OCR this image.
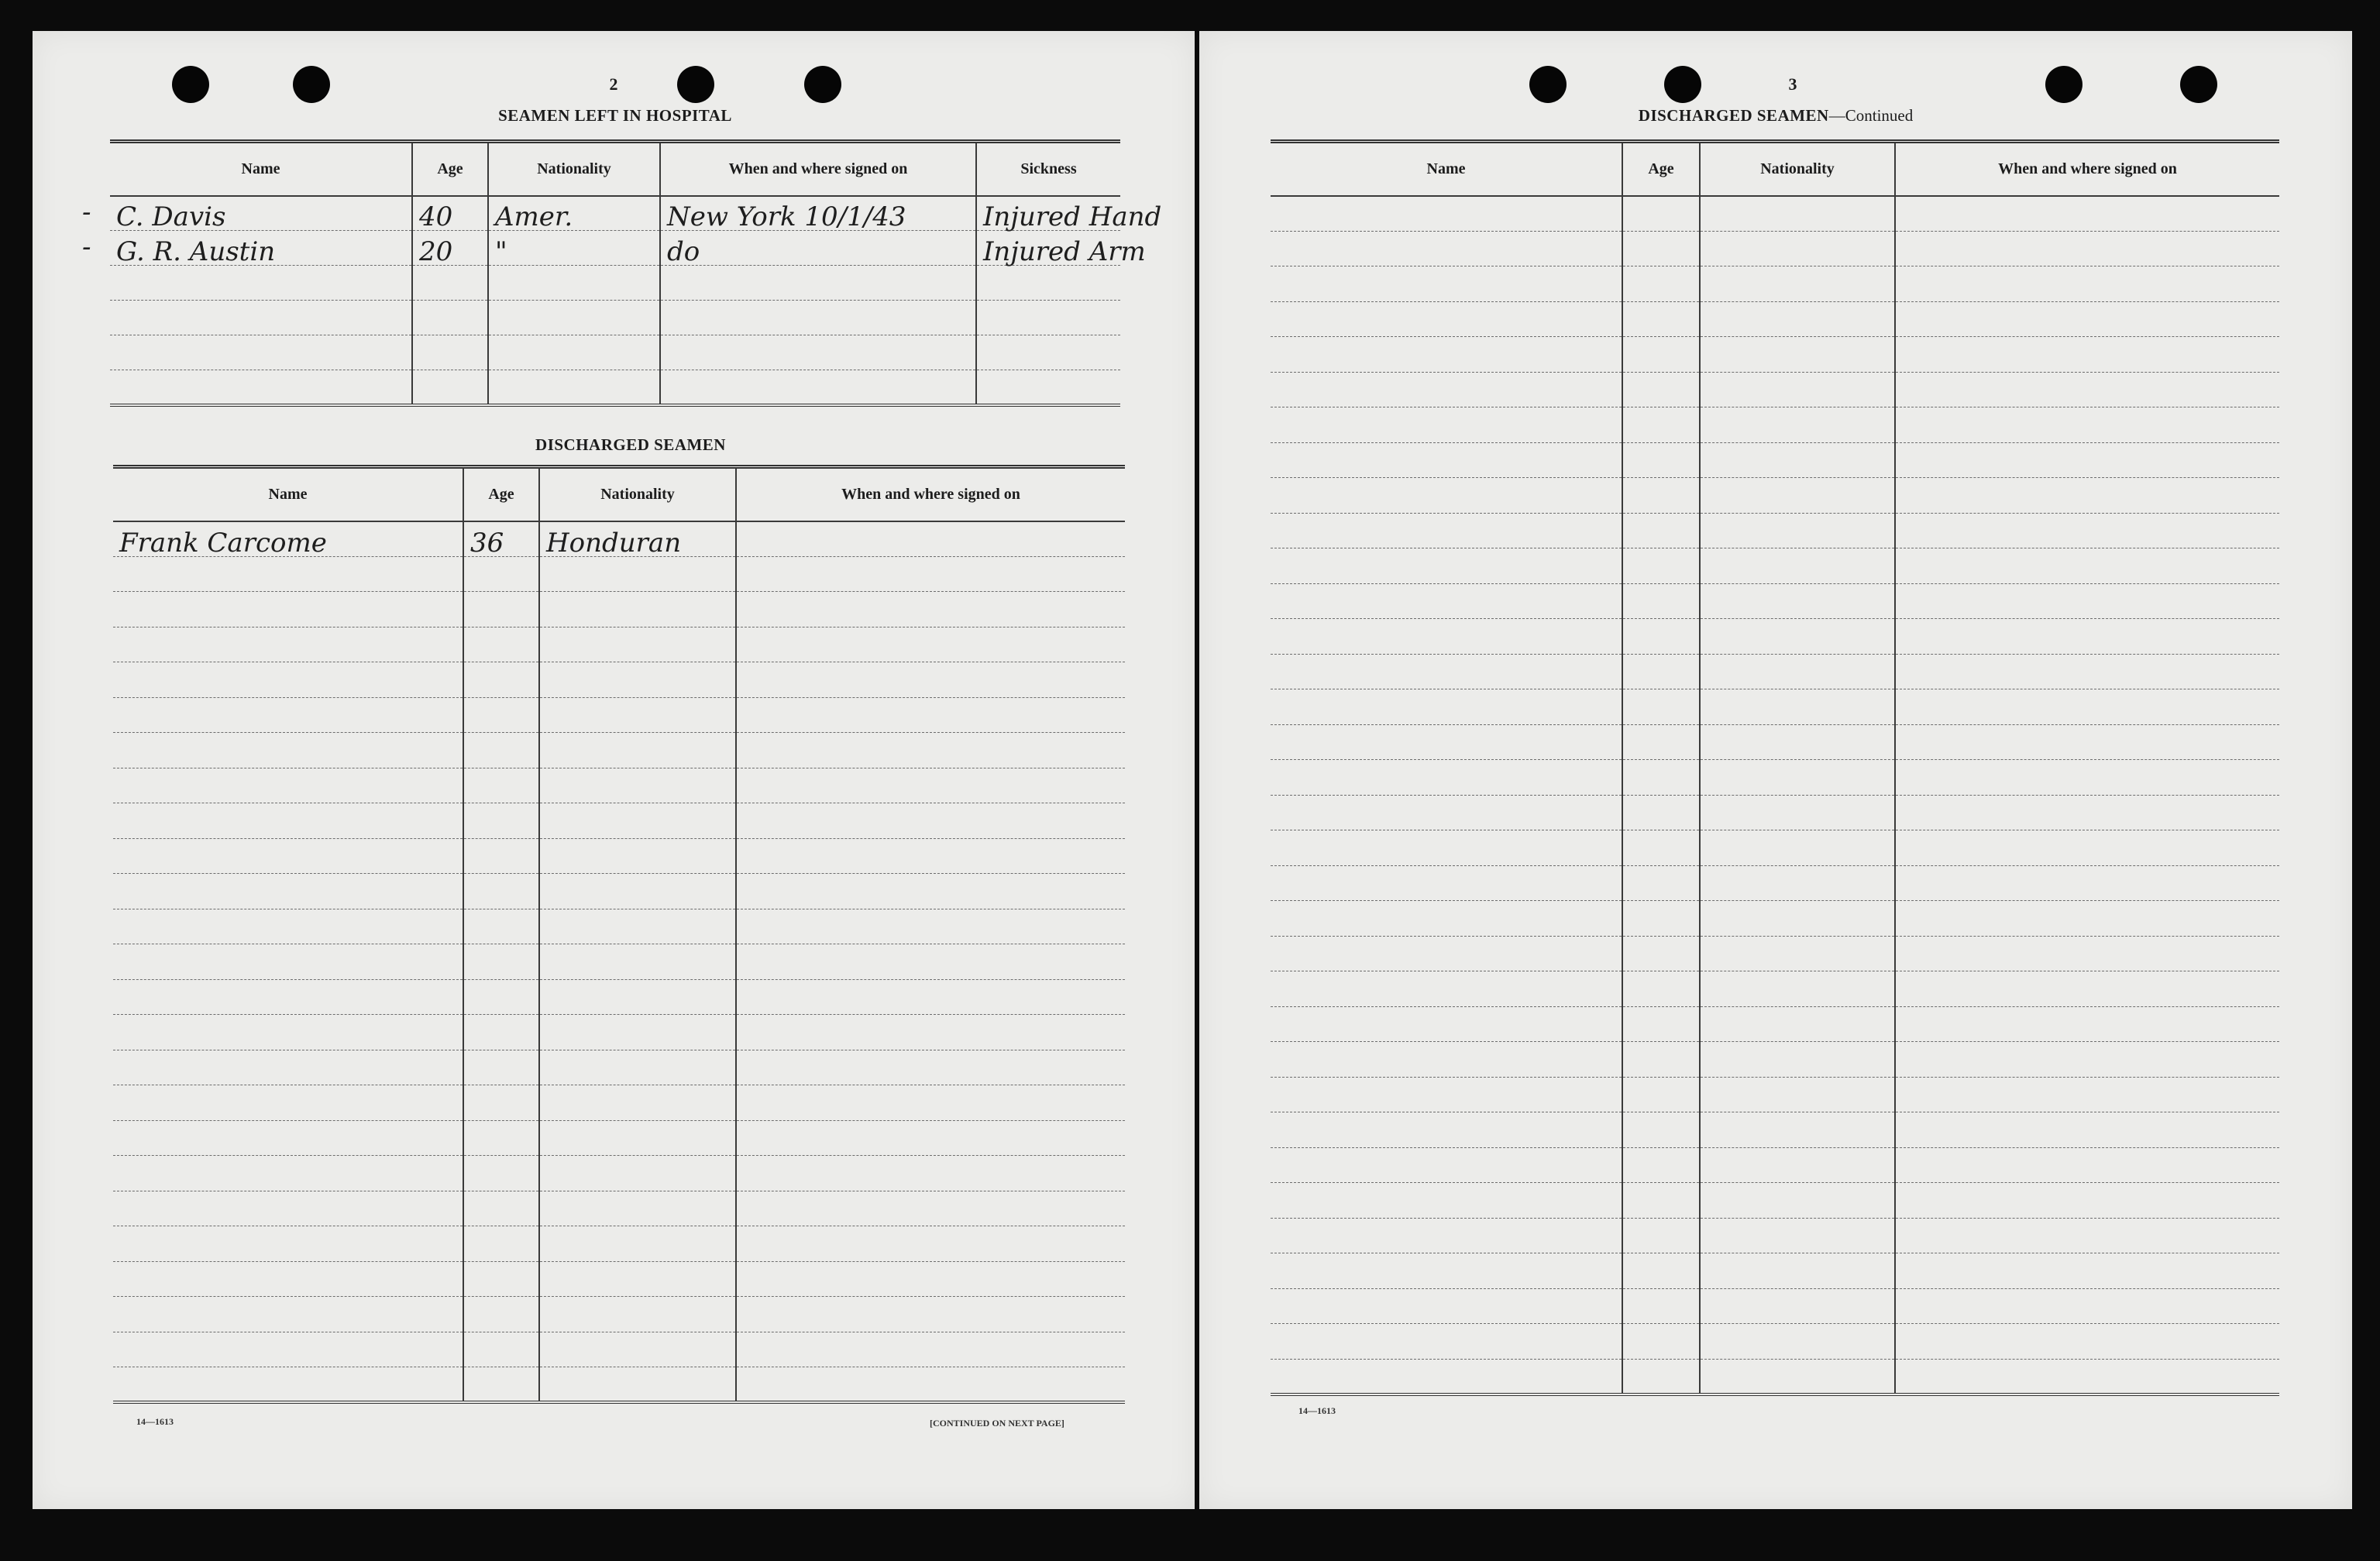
2
SEAMEN LEFT IN HOSPITAL
Name	Age	Nationality	When and where signed on	Sickness
C. Davis	40	Amer.	New York 10/1/43	Injured Hand
G. R. Austin	20	"	do	Injured Arm

DISCHARGED SEAMEN
Name	Age	Nationality	When and where signed on
Frank Carcome	36	Honduran	

14—1613	[CONTINUED ON NEXT PAGE]
-
-
3
DISCHARGED SEAMEN—Continued
Name	Age	Nationality	When and where signed on

14—1613
